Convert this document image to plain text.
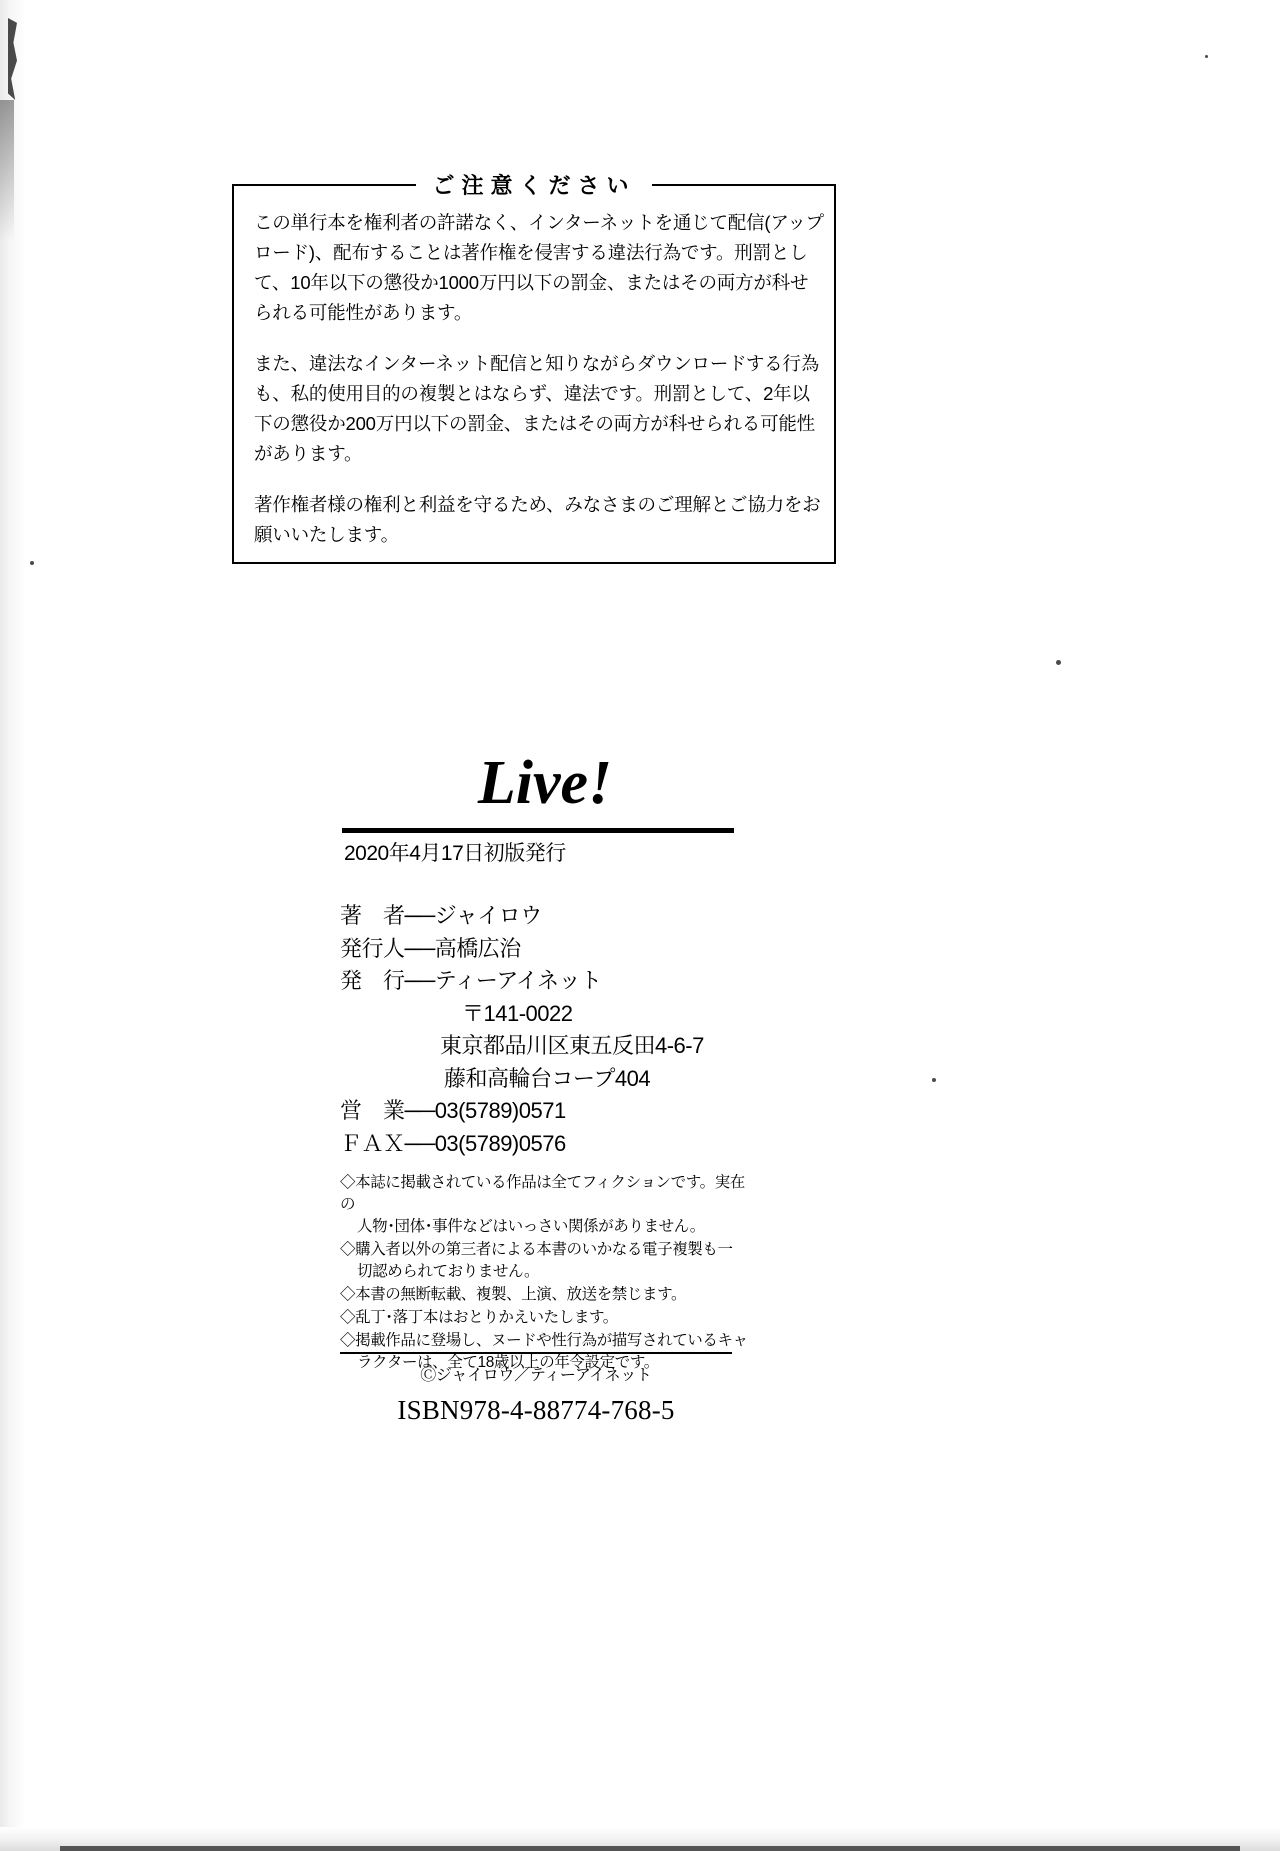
ご注意ください

この単行本を権利者の許諾なく、インターネットを通じて配信(アップロード)、配布することは著作権を侵害する違法行為です。刑罰として、10年以下の懲役か1000万円以下の罰金、またはその両方が科せられる可能性があります。

また、違法なインターネット配信と知りながらダウンロードする行為も、私的使用目的の複製とはならず、違法です。刑罰として、2年以下の懲役か200万円以下の罰金、またはその両方が科せられる可能性があります。

著作権者様の権利と利益を守るため、みなさまのご理解とご協力をお願いいたします。

Live!
2020年4月17日初版発行
著　者──ジャイロウ
発行人──高橋広治
発　行──ティーアイネット
〒141-0022
東京都品川区東五反田4-6-7
藤和高輪台コープ404
営　業──03(5789)0571
ＦＡＸ──03(5789)0576
◇本誌に掲載されている作品は全てフィクションです。実在の
人物･団体･事件などはいっさい関係がありません。
◇購入者以外の第三者による本書のいかなる電子複製も一
切認められておりません。
◇本書の無断転載、複製、上演、放送を禁じます。
◇乱丁･落丁本はおとりかえいたします。
◇掲載作品に登場し、ヌードや性行為が描写されているキャ
ラクターは、全て18歳以上の年令設定です。
Ⓒジャイロウ／ティーアイネット
ISBN978-4-88774-768-5
